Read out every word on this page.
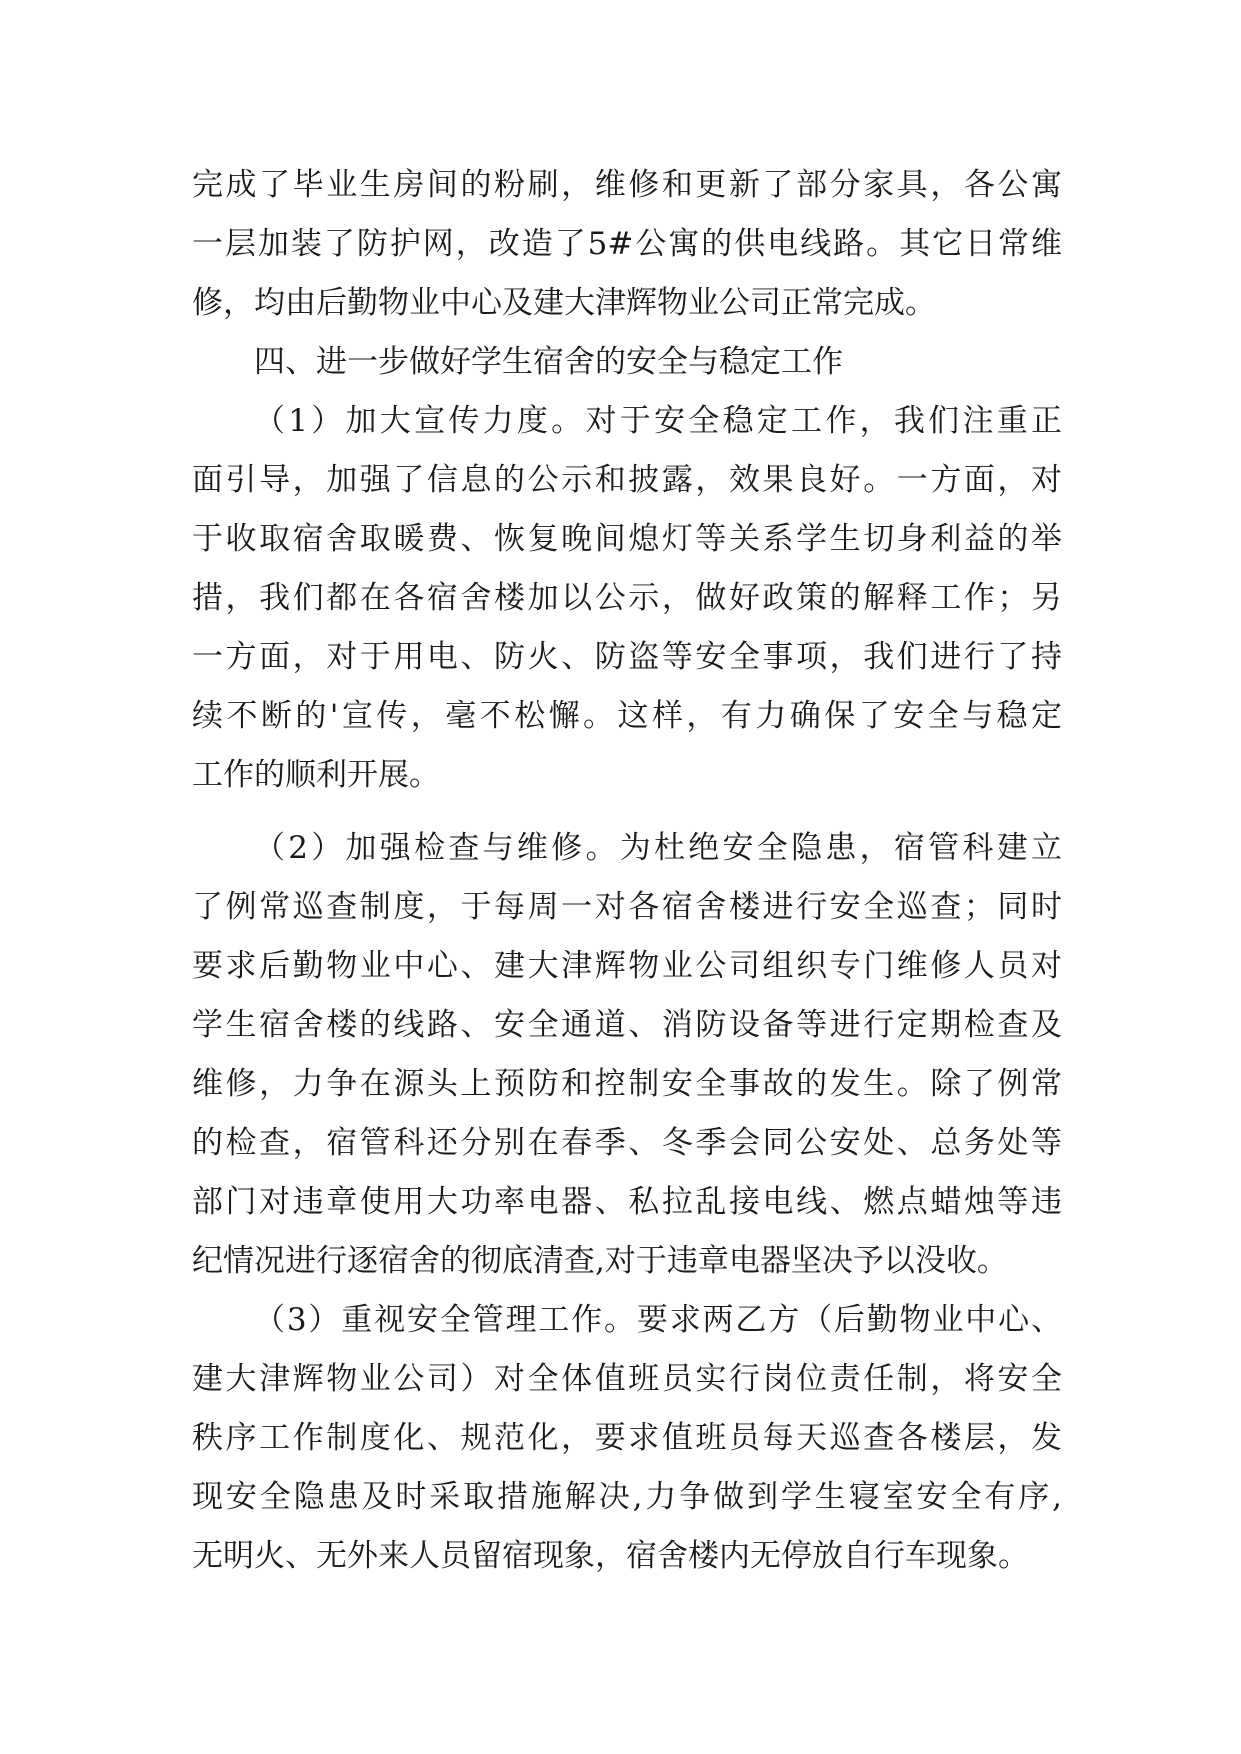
完成了毕业生房间的粉刷，维修和更新了部分家具，各公寓
一层加装了防护网，改造了5#公寓的供电线路。其它日常维
修，均由后勤物业中心及建大津辉物业公司正常完成。
四、进一步做好学生宿舍的安全与稳定工作
（1）加大宣传力度。对于安全稳定工作，我们注重正
面引导，加强了信息的公示和披露，效果良好。一方面，对
于收取宿舍取暖费、恢复晚间熄灯等关系学生切身利益的举
措，我们都在各宿舍楼加以公示，做好政策的解释工作；另
一方面，对于用电、防火、防盗等安全事项，我们进行了持
续不断的'宣传，毫不松懈。这样，有力确保了安全与稳定
工作的顺利开展。
（2）加强检查与维修。为杜绝安全隐患，宿管科建立
了例常巡查制度，于每周一对各宿舍楼进行安全巡查；同时
要求后勤物业中心、建大津辉物业公司组织专门维修人员对
学生宿舍楼的线路、安全通道、消防设备等进行定期检查及
维修，力争在源头上预防和控制安全事故的发生。除了例常
的检查，宿管科还分别在春季、冬季会同公安处、总务处等
部门对违章使用大功率电器、私拉乱接电线、燃点蜡烛等违
纪情况进行逐宿舍的彻底清查,对于违章电器坚决予以没收。
（3）重视安全管理工作。要求两乙方（后勤物业中心、
建大津辉物业公司）对全体值班员实行岗位责任制，将安全
秩序工作制度化、规范化，要求值班员每天巡查各楼层，发
现安全隐患及时采取措施解决,力争做到学生寝室安全有序,
无明火、无外来人员留宿现象，宿舍楼内无停放自行车现象。
